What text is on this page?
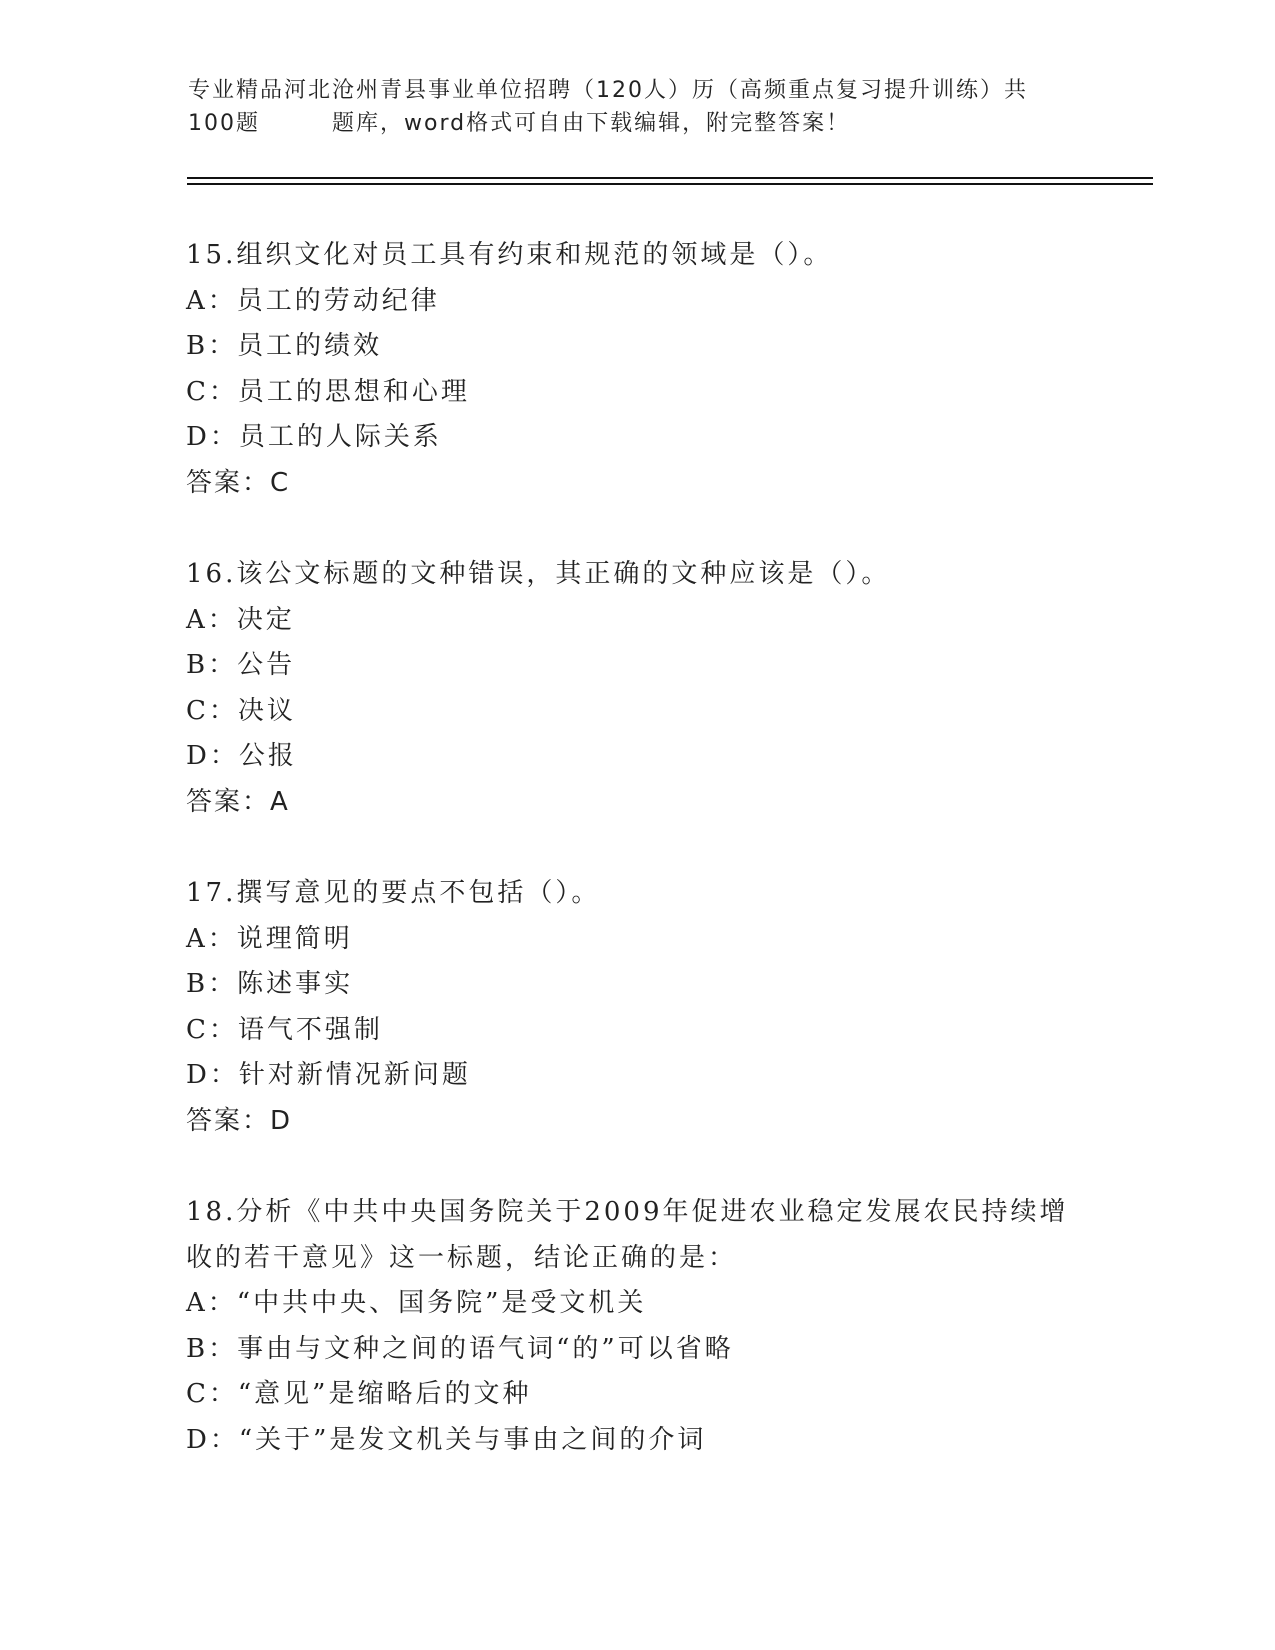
专业精品河北沧州青县事业单位招聘（120人）历（高频重点复习提升训练）共
100题	题库，word格式可自由下载编辑，附完整答案！
15.组织文化对员工具有约束和规范的领域是（）。
A：员工的劳动纪律
B：员工的绩效
C：员工的思想和心理
D：员工的人际关系
答案：C
16.该公文标题的文种错误，其正确的文种应该是（）。
A：决定
B：公告
C：决议
D：公报
答案：A
17.撰写意见的要点不包括（）。
A：说理简明
B：陈述事实
C：语气不强制
D：针对新情况新问题
答案：D
18.分析《中共中央国务院关于2009年促进农业稳定发展农民持续增收的若干意见》这一标题，结论正确的是：
A：“中共中央、国务院”是受文机关
B：事由与文种之间的语气词“的”可以省略
C：“意见”是缩略后的文种
D：“关于”是发文机关与事由之间的介词
